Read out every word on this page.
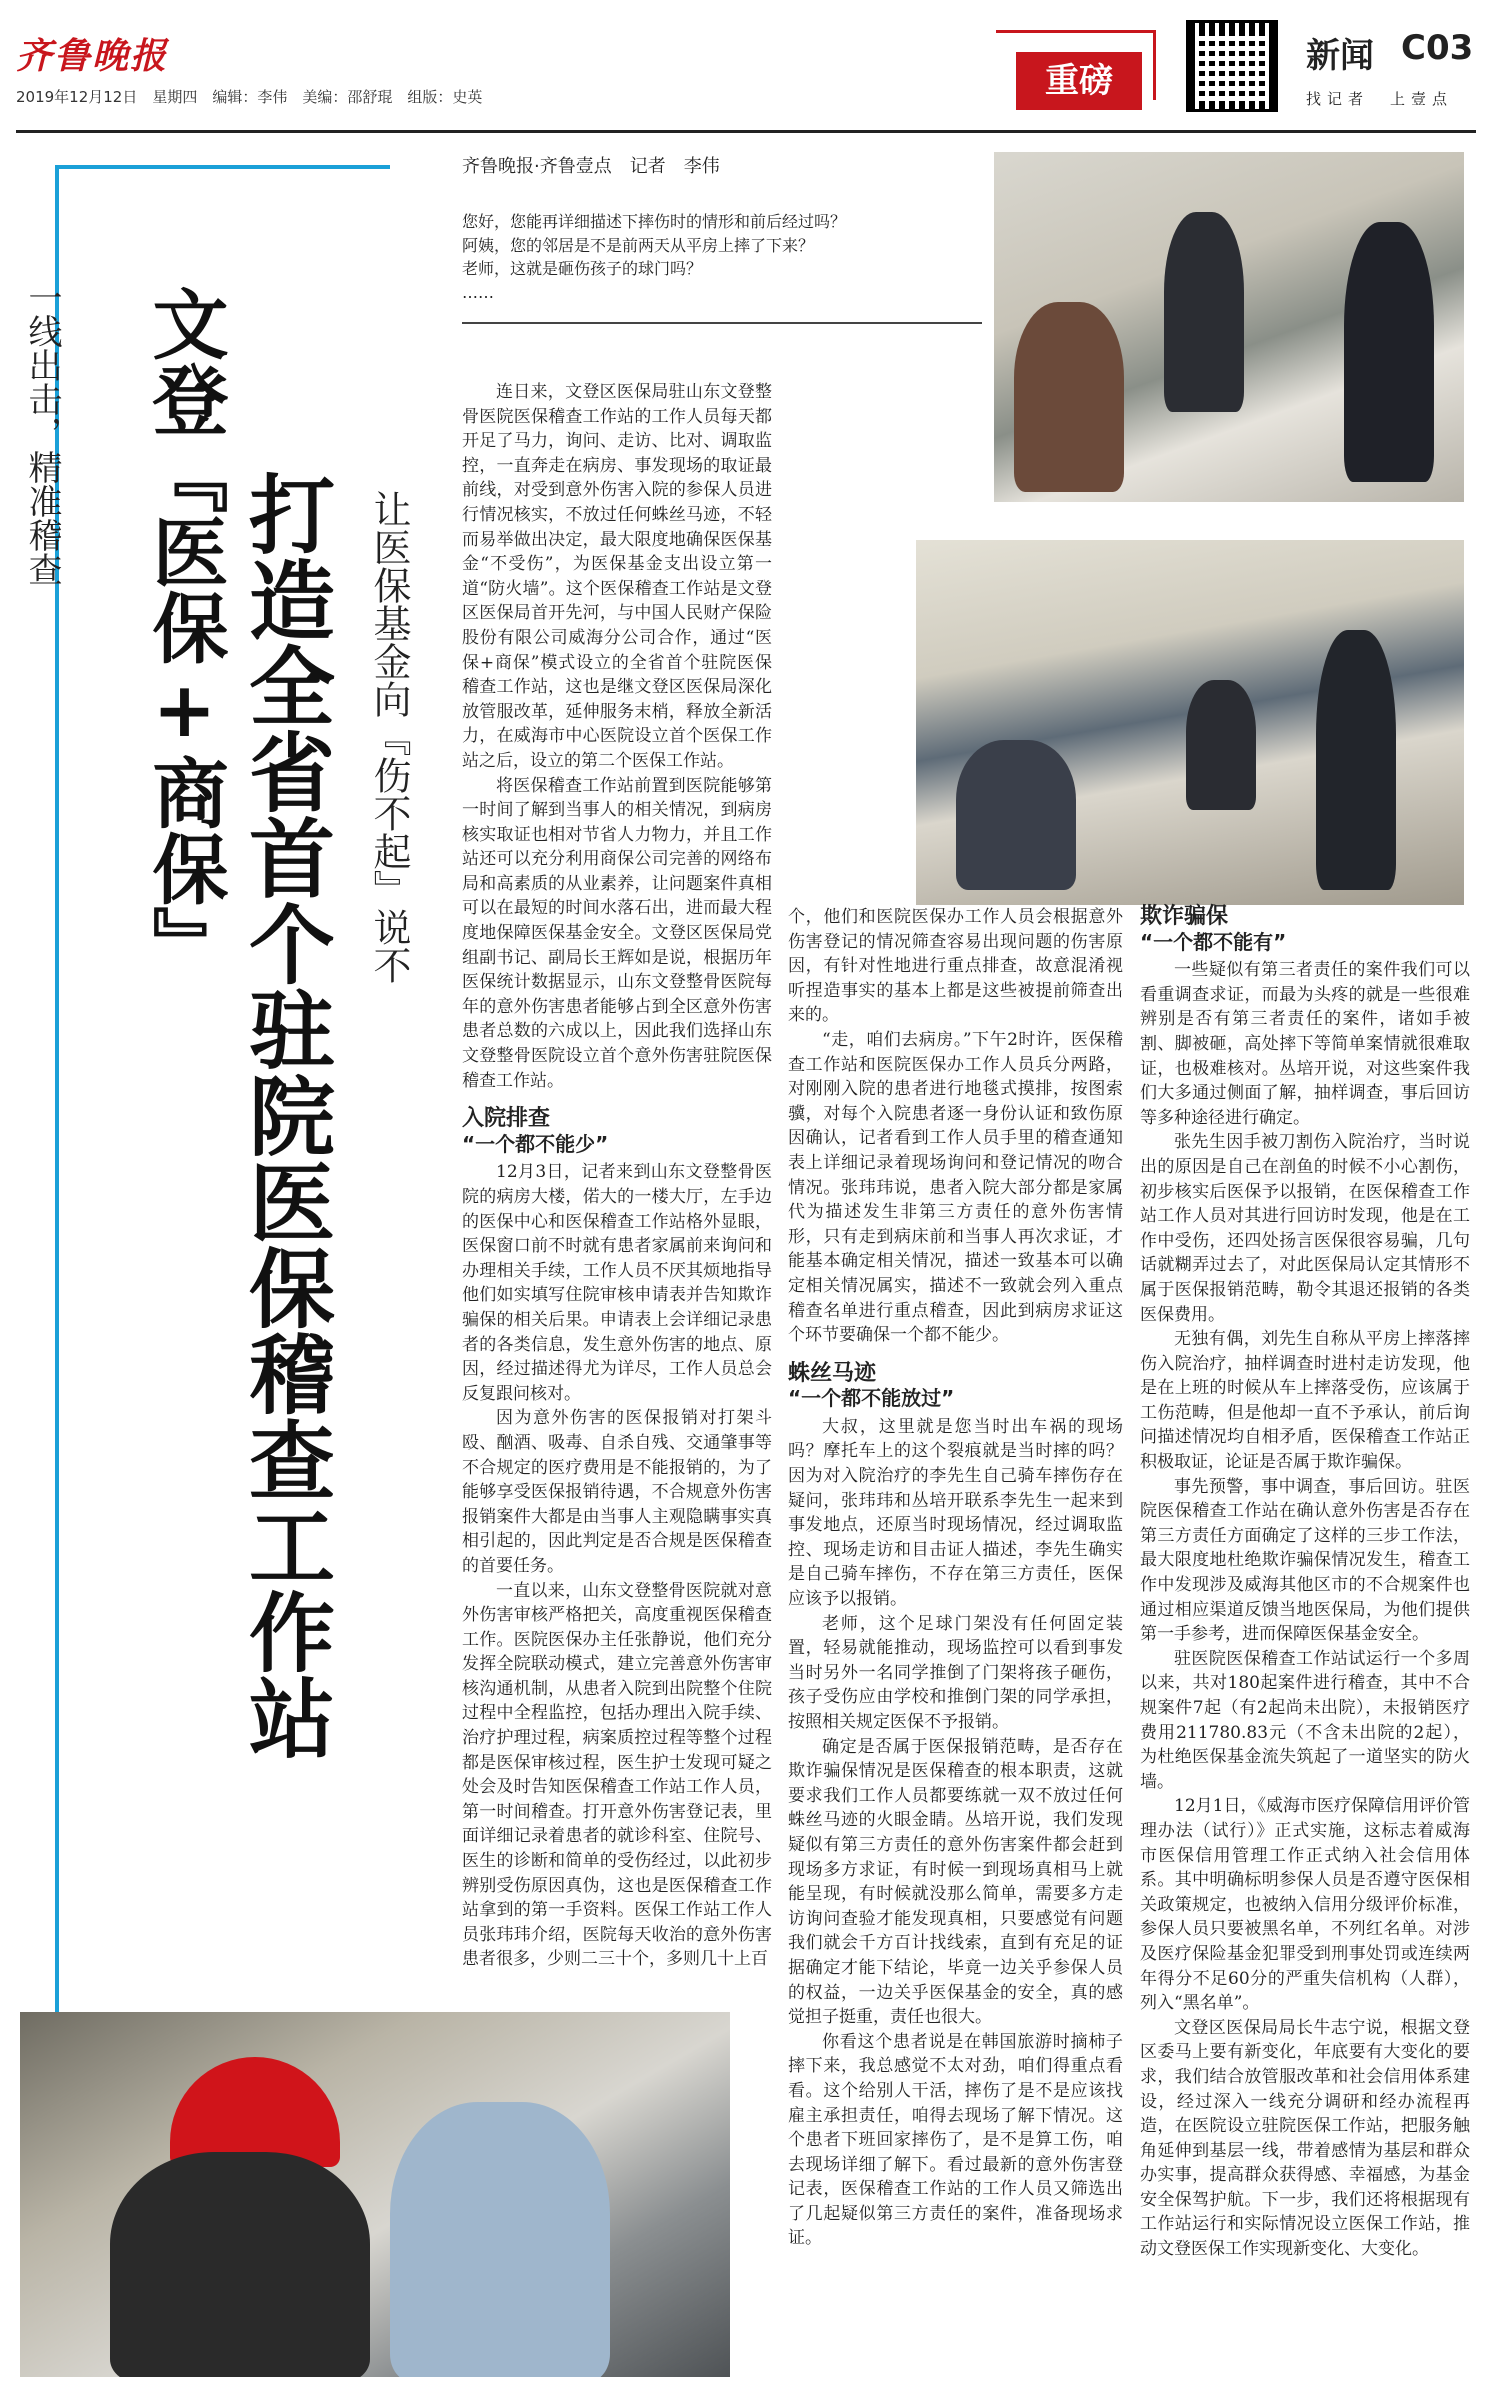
齐鲁晚报
2019年12月12日　星期四　编辑：李伟　美编：邵舒琨　组版：史英	重磅
新闻 C03
找记者　上壹点
一线出击，精准稽查 文登『医保+商保』 打造全省首个驻院医保稽查工作站 让医保基金向『伤不起』说不
齐鲁晚报·齐鲁壹点　记者　李伟
您好，您能再详细描述下摔伤时的情形和前后经过吗？
阿姨，您的邻居是不是前两天从平房上摔了下来？
老师，这就是砸伤孩子的球门吗？
……

连日来，文登区医保局驻山东文登整骨医院医保稽查工作站的工作人员每天都开足了马力，询问、走访、比对、调取监控，一直奔走在病房、事发现场的取证最前线，对受到意外伤害入院的参保人员进行情况核实，不放过任何蛛丝马迹，不轻而易举做出决定，最大限度地确保医保基金“不受伤”，为医保基金支出设立第一道“防火墙”。这个医保稽查工作站是文登区医保局首开先河，与中国人民财产保险股份有限公司威海分公司合作，通过“医保+商保”模式设立的全省首个驻院医保稽查工作站，这也是继文登区医保局深化放管服改革，延伸服务末梢，释放全新活力，在威海市中心医院设立首个医保工作站之后，设立的第二个医保工作站。

将医保稽查工作站前置到医院能够第一时间了解到当事人的相关情况，到病房核实取证也相对节省人力物力，并且工作站还可以充分利用商保公司完善的网络布局和高素质的从业素养，让问题案件真相可以在最短的时间水落石出，进而最大程度地保障医保基金安全。文登区医保局党组副书记、副局长王辉如是说，根据历年医保统计数据显示，山东文登整骨医院每年的意外伤害患者能够占到全区意外伤害患者总数的六成以上，因此我们选择山东文登整骨医院设立首个意外伤害驻院医保稽查工作站。

入院排查
“一个都不能少”

12月3日，记者来到山东文登整骨医院的病房大楼，偌大的一楼大厅，左手边的医保中心和医保稽查工作站格外显眼，医保窗口前不时就有患者家属前来询问和办理相关手续，工作人员不厌其烦地指导他们如实填写住院审核申请表并告知欺诈骗保的相关后果。申请表上会详细记录患者的各类信息，发生意外伤害的地点、原因，经过描述得尤为详尽，工作人员总会反复跟问核对。

因为意外伤害的医保报销对打架斗殴、酗酒、吸毒、自杀自残、交通肇事等不合规定的医疗费用是不能报销的，为了能够享受医保报销待遇，不合规意外伤害报销案件大都是由当事人主观隐瞒事实真相引起的，因此判定是否合规是医保稽查的首要任务。

一直以来，山东文登整骨医院就对意外伤害审核严格把关，高度重视医保稽查工作。医院医保办主任张静说，他们充分发挥全院联动模式，建立完善意外伤害审核沟通机制，从患者入院到出院整个住院过程中全程监控，包括办理出入院手续、治疗护理过程，病案质控过程等整个过程都是医保审核过程，医生护士发现可疑之处会及时告知医保稽查工作站工作人员，第一时间稽查。打开意外伤害登记表，里面详细记录着患者的就诊科室、住院号、医生的诊断和简单的受伤经过，以此初步辨别受伤原因真伪，这也是医保稽查工作站拿到的第一手资料。医保工作站工作人员张玮玮介绍，医院每天收治的意外伤害患者很多，少则二三十个，多则几十上百

个，他们和医院医保办工作人员会根据意外伤害登记的情况筛查容易出现问题的伤害原因，有针对性地进行重点排查，故意混淆视听捏造事实的基本上都是这些被提前筛查出来的。

“走，咱们去病房。”下午2时许，医保稽查工作站和医院医保办工作人员兵分两路，对刚刚入院的患者进行地毯式摸排，按图索骥，对每个入院患者逐一身份认证和致伤原因确认，记者看到工作人员手里的稽查通知表上详细记录着现场询问和登记情况的吻合情况。张玮玮说，患者入院大部分都是家属代为描述发生非第三方责任的意外伤害情形，只有走到病床前和当事人再次求证，才能基本确定相关情况，描述一致基本可以确定相关情况属实，描述不一致就会列入重点稽查名单进行重点稽查，因此到病房求证这个环节要确保一个都不能少。

蛛丝马迹
“一个都不能放过”

大叔，这里就是您当时出车祸的现场吗？摩托车上的这个裂痕就是当时摔的吗？因为对入院治疗的李先生自己骑车摔伤存在疑问，张玮玮和丛培开联系李先生一起来到事发地点，还原当时现场情况，经过调取监控、现场走访和目击证人描述，李先生确实是自己骑车摔伤，不存在第三方责任，医保应该予以报销。

老师，这个足球门架没有任何固定装置，轻易就能推动，现场监控可以看到事发当时另外一名同学推倒了门架将孩子砸伤，孩子受伤应由学校和推倒门架的同学承担，按照相关规定医保不予报销。

确定是否属于医保报销范畴，是否存在欺诈骗保情况是医保稽查的根本职责，这就要求我们工作人员都要练就一双不放过任何蛛丝马迹的火眼金睛。丛培开说，我们发现疑似有第三方责任的意外伤害案件都会赶到现场多方求证，有时候一到现场真相马上就能呈现，有时候就没那么简单，需要多方走访询问查验才能发现真相，只要感觉有问题我们就会千方百计找线索，直到有充足的证据确定才能下结论，毕竟一边关乎参保人员的权益，一边关乎医保基金的安全，真的感觉担子挺重，责任也很大。

你看这个患者说是在韩国旅游时摘柿子摔下来，我总感觉不太对劲，咱们得重点看看。这个给别人干活，摔伤了是不是应该找雇主承担责任，咱得去现场了解下情况。这个患者下班回家摔伤了，是不是算工伤，咱去现场详细了解下。看过最新的意外伤害登记表，医保稽查工作站的工作人员又筛选出了几起疑似第三方责任的案件，准备现场求证。

欺诈骗保
“一个都不能有”

一些疑似有第三者责任的案件我们可以看重调查求证，而最为头疼的就是一些很难辨别是否有第三者责任的案件，诸如手被割、脚被砸，高处摔下等简单案情就很难取证，也极难核对。丛培开说，对这些案件我们大多通过侧面了解，抽样调查，事后回访等多种途径进行确定。

张先生因手被刀割伤入院治疗，当时说出的原因是自己在剖鱼的时候不小心割伤，初步核实后医保予以报销，在医保稽查工作站工作人员对其进行回访时发现，他是在工作中受伤，还四处扬言医保很容易骗，几句话就糊弄过去了，对此医保局认定其情形不属于医保报销范畴，勒令其退还报销的各类医保费用。

无独有偶，刘先生自称从平房上摔落摔伤入院治疗，抽样调查时进村走访发现，他是在上班的时候从车上摔落受伤，应该属于工伤范畴，但是他却一直不予承认，前后询问描述情况均自相矛盾，医保稽查工作站正积极取证，论证是否属于欺诈骗保。

事先预警，事中调查，事后回访。驻医院医保稽查工作站在确认意外伤害是否存在第三方责任方面确定了这样的三步工作法，最大限度地杜绝欺诈骗保情况发生，稽查工作中发现涉及威海其他区市的不合规案件也通过相应渠道反馈当地医保局，为他们提供第一手参考，进而保障医保基金安全。

驻医院医保稽查工作站试运行一个多周以来，共对180起案件进行稽查，其中不合规案件7起（有2起尚未出院），未报销医疗费用211780.83元（不含未出院的2起），为杜绝医保基金流失筑起了一道坚实的防火墙。

12月1日，《威海市医疗保障信用评价管理办法（试行）》正式实施，这标志着威海市医保信用管理工作正式纳入社会信用体系。其中明确标明参保人员是否遵守医保相关政策规定，也被纳入信用分级评价标准，参保人员只要被黑名单，不列红名单。对涉及医疗保险基金犯罪受到刑事处罚或连续两年得分不足60分的严重失信机构（人群），列入“黑名单”。

文登区医保局局长牛志宁说，根据文登区委马上要有新变化，年底要有大变化的要求，我们结合放管服改革和社会信用体系建设，经过深入一线充分调研和经办流程再造，在医院设立驻院医保工作站，把服务触角延伸到基层一线，带着感情为基层和群众办实事，提高群众获得感、幸福感，为基金安全保驾护航。下一步，我们还将根据现有工作站运行和实际情况设立医保工作站，推动文登医保工作实现新变化、大变化。
